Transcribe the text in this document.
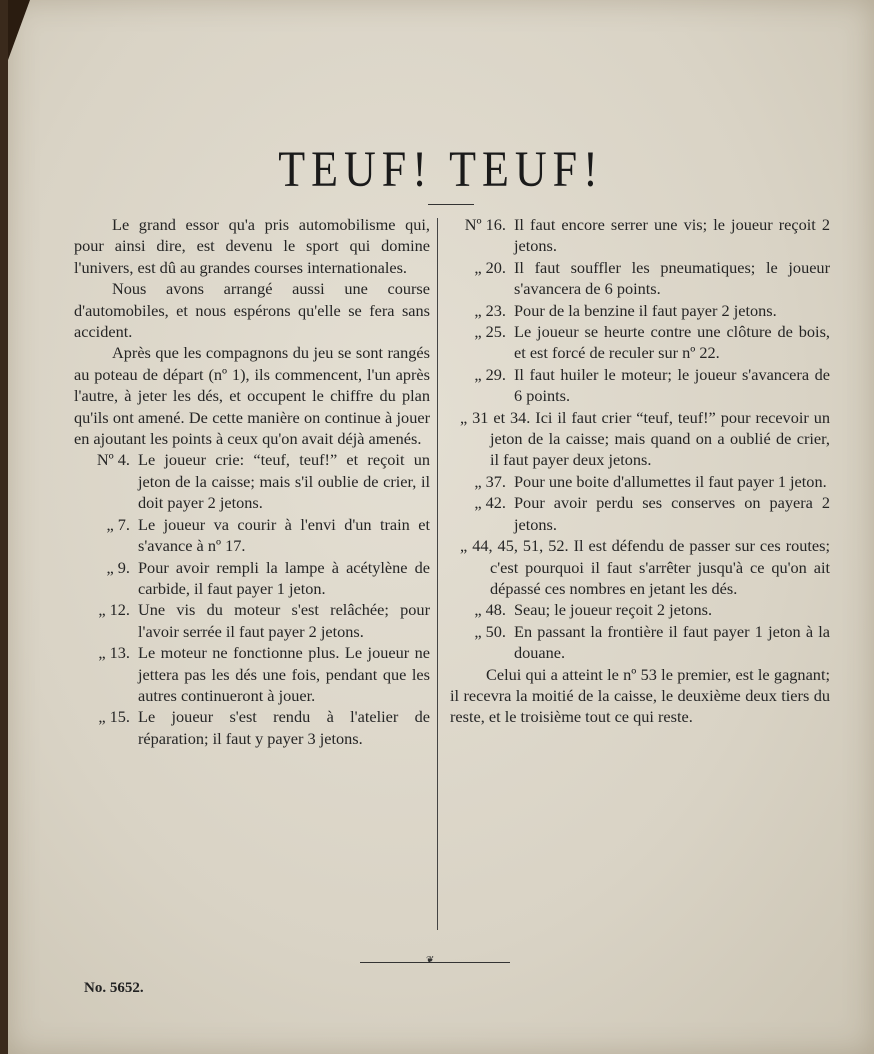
TEUF! TEUF!

Le grand essor qu'a pris automobilisme qui, pour ainsi dire, est devenu le sport qui domine l'univers, est dû au grandes courses internationales.

Nous avons arrangé aussi une course d'automobiles, et nous espérons qu'elle se fera sans accident.

Après que les compagnons du jeu se sont rangés au poteau de départ (nº 1), ils commencent, l'un après l'autre, à jeter les dés, et occupent le chiffre du plan qu'ils ont amené. De cette manière on continue à jouer en ajoutant les points à ceux qu'on avait déjà amenés.

Nº 4. Le joueur crie: “teuf, teuf!” et reçoit un jeton de la caisse; mais s'il oublie de crier, il doit payer 2 jetons.
„ 7. Le joueur va courir à l'envi d'un train et s'avance à nº 17.
„ 9. Pour avoir rempli la lampe à acétylène de carbide, il faut payer 1 jeton.
„ 12. Une vis du moteur s'est relâchée; pour l'avoir serrée il faut payer 2 jetons.
„ 13. Le moteur ne fonctionne plus. Le joueur ne jettera pas les dés une fois, pendant que les autres continueront à jouer.
„ 15. Le joueur s'est rendu à l'atelier de réparation; il faut y payer 3 jetons.
Nº 16. Il faut encore serrer une vis; le joueur reçoit 2 jetons.
„ 20. Il faut souffler les pneumatiques; le joueur s'avancera de 6 points.
„ 23. Pour de la benzine il faut payer 2 jetons.
„ 25. Le joueur se heurte contre une clôture de bois, et est forcé de reculer sur nº 22.
„ 29. Il faut huiler le moteur; le joueur s'avancera de 6 points.

„ 31 et 34. Ici il faut crier “teuf, teuf!” pour recevoir un jeton de la caisse; mais quand on a oublié de crier, il faut payer deux jetons.

„ 37. Pour une boite d'allumettes il faut payer 1 jeton.
„ 42. Pour avoir perdu ses conserves on payera 2 jetons.

„ 44, 45, 51, 52. Il est défendu de passer sur ces routes; c'est pourquoi il faut s'arrêter jusqu'à ce qu'on ait dépassé ces nombres en jetant les dés.

„ 48. Seau; le joueur reçoit 2 jetons.
„ 50. En passant la frontière il faut payer 1 jeton à la douane.

Celui qui a atteint le nº 53 le premier, est le gagnant; il recevra la moitié de la caisse, le deuxième deux tiers du reste, et le troisième tout ce qui reste.

❦
No. 5652.
